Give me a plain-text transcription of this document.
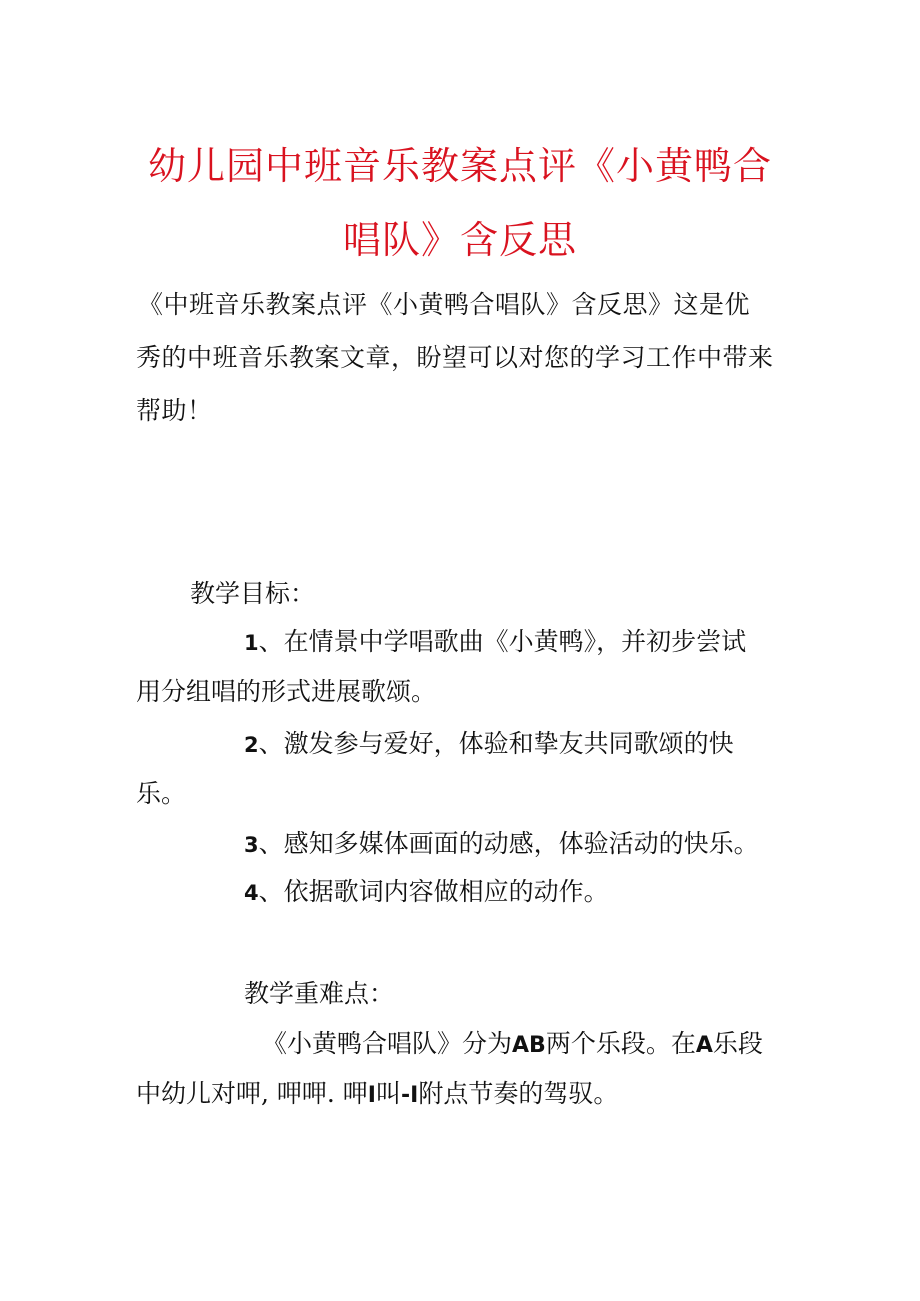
幼儿园中班音乐教案点评《小黄鸭合
唱队》含反思
《中班音乐教案点评《小黄鸭合唱队》含反思》这是优
秀的中班音乐教案文章，盼望可以对您的学习工作中带来
帮助！
教学目标：
1、在情景中学唱歌曲《小黄鸭》，并初步尝试
用分组唱的形式进展歌颂。
2、激发参与爱好，体验和挚友共同歌颂的快
乐。
3、感知多媒体画面的动感，体验活动的快乐。
4、依据歌词内容做相应的动作。
教学重难点：
《小黄鸭合唱队》分为AB两个乐段。在A乐段
中幼儿对呷, 呷呷. 呷I叫-I附点节奏的驾驭。
